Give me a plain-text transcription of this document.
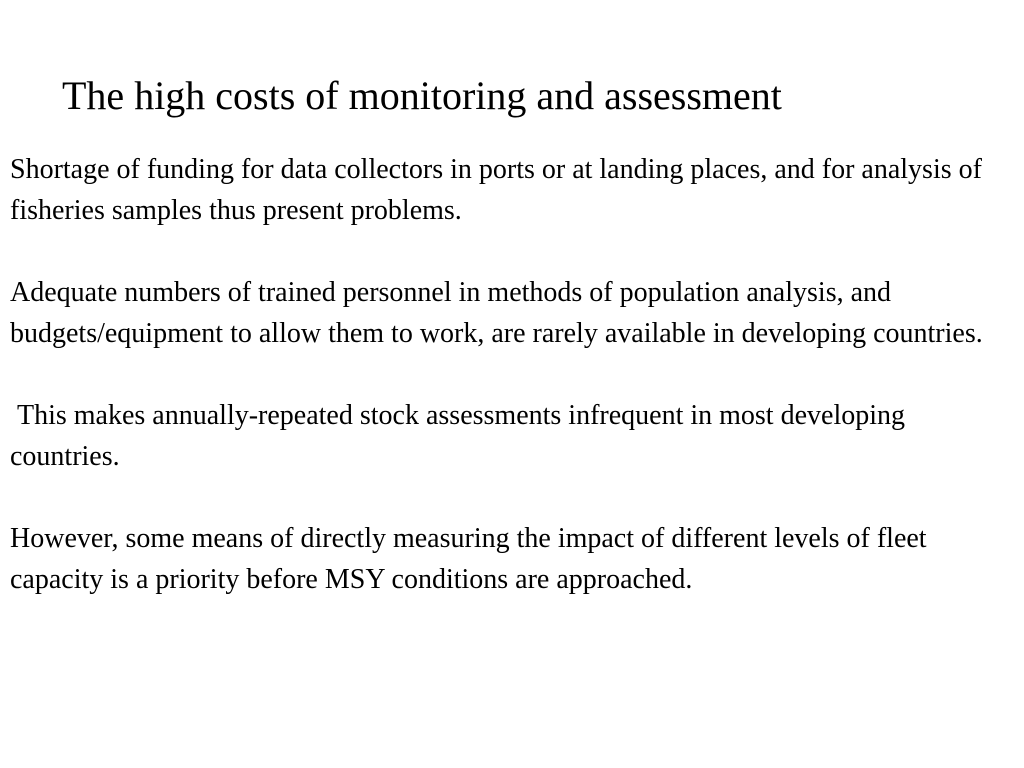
The high costs of monitoring and assessment

Shortage of funding for data collectors in ports or at landing places, and for analysis of fisheries samples thus present problems.

Adequate numbers of trained personnel in methods of population analysis, and budgets/equipment to allow them to work, are rarely available in developing countries.

This makes annually-repeated stock assessments infrequent in most developing countries.

However, some means of directly measuring the impact of different levels of fleet capacity is a priority before MSY conditions are approached.
